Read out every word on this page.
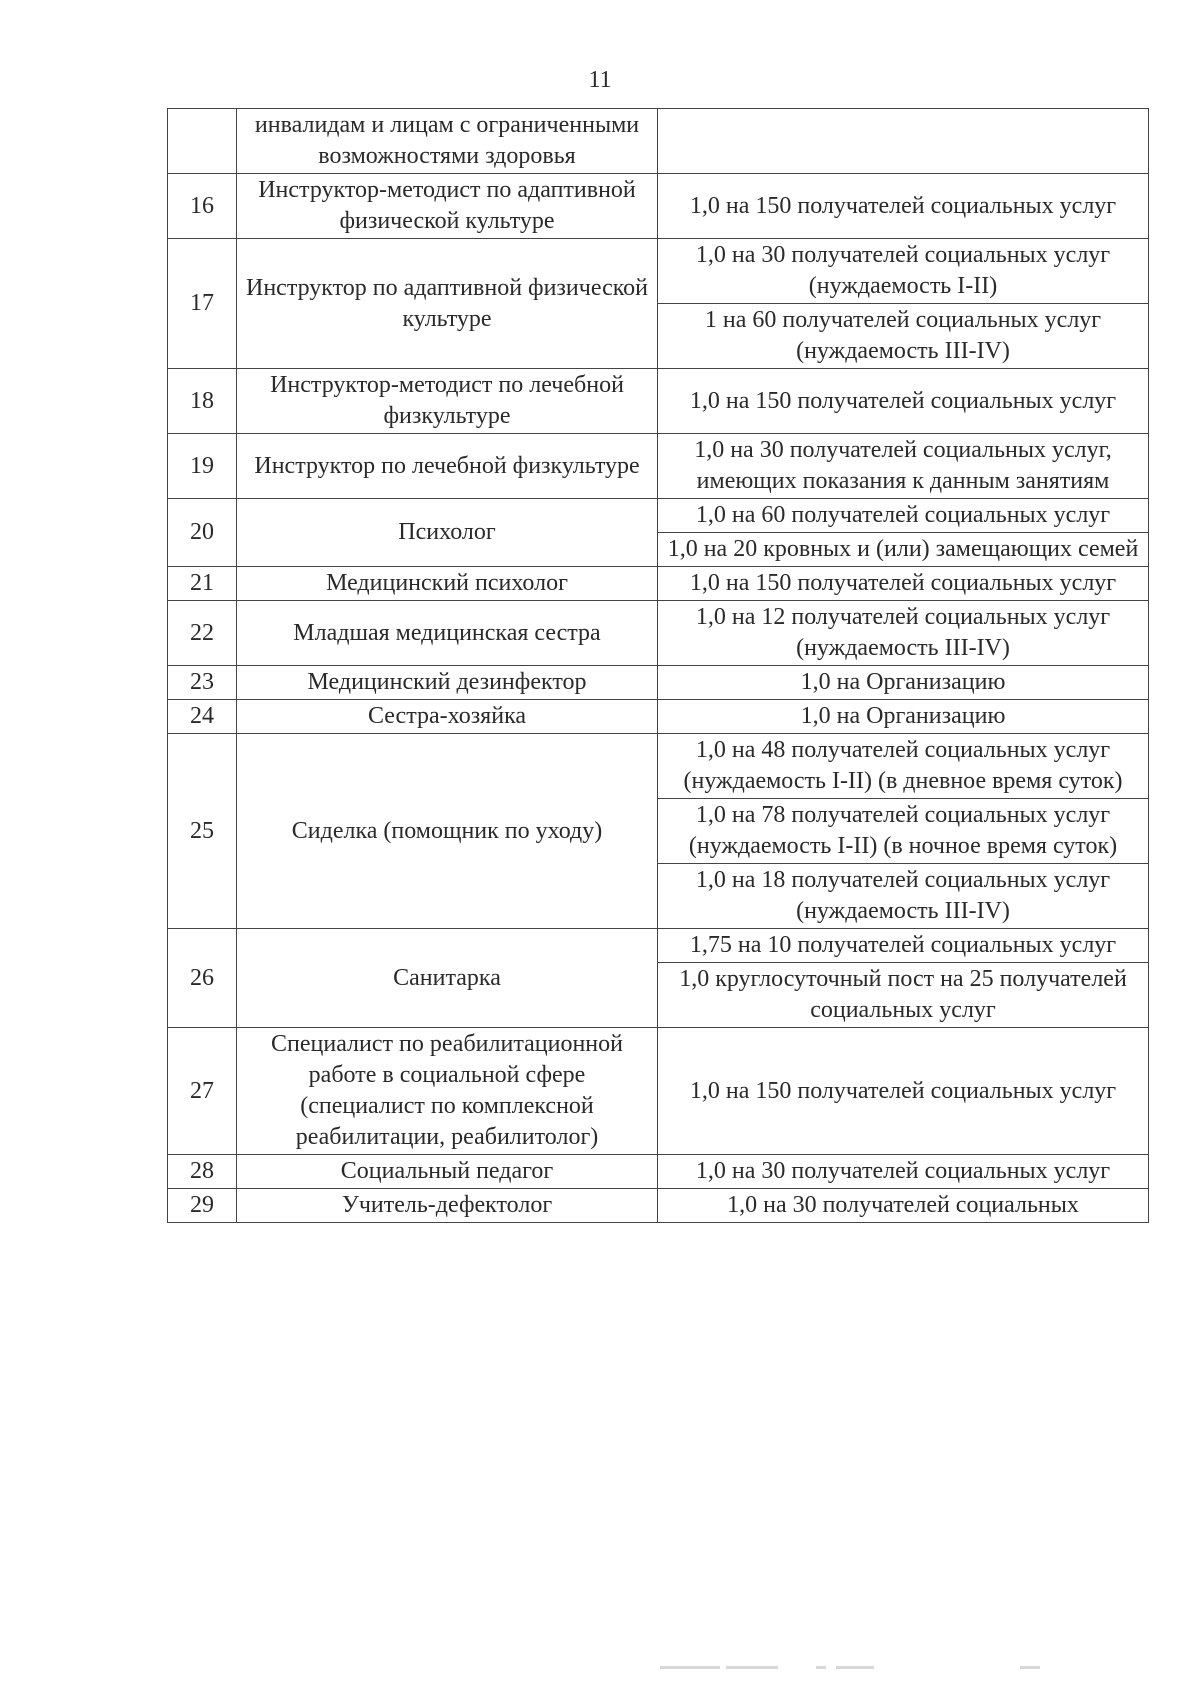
11
	инвалидам и лицам с ограниченными возможностями здоровья	
16	Инструктор-методист по адаптивной физической культуре	1,0 на 150 получателей социальных услуг
17	Инструктор по адаптивной физической культуре	1,0 на 30 получателей социальных услуг (нуждаемость I-II)
		1 на 60 получателей социальных услуг (нуждаемость III-IV)
18	Инструктор-методист по лечебной физкультуре	1,0 на 150 получателей социальных услуг
19	Инструктор по лечебной физкультуре	1,0 на 30 получателей социальных услуг, имеющих показания к данным занятиям
20	Психолог	1,0 на 60 получателей социальных услуг
		1,0 на 20 кровных и (или) замещающих семей
21	Медицинский психолог	1,0 на 150 получателей социальных услуг
22	Младшая медицинская сестра	1,0 на 12 получателей социальных услуг (нуждаемость III-IV)
23	Медицинский дезинфектор	1,0 на Организацию
24	Сестра-хозяйка	1,0 на Организацию
25	Сиделка (помощник по уходу)	1,0 на 48 получателей социальных услуг (нуждаемость I-II) (в дневное время суток)
		1,0 на 78 получателей социальных услуг (нуждаемость I-II) (в ночное время суток)
		1,0 на 18 получателей социальных услуг (нуждаемость III-IV)
26	Санитарка	1,75 на 10 получателей социальных услуг
		1,0 круглосуточный пост на 25 получателей социальных услуг
27	Специалист по реабилитационной работе в социальной сфере (специалист по комплексной реабилитации, реабилитолог)	1,0 на 150 получателей социальных услуг
28	Социальный педагог	1,0 на 30 получателей социальных услуг
29	Учитель-дефектолог	1,0 на 30 получателей социальных
